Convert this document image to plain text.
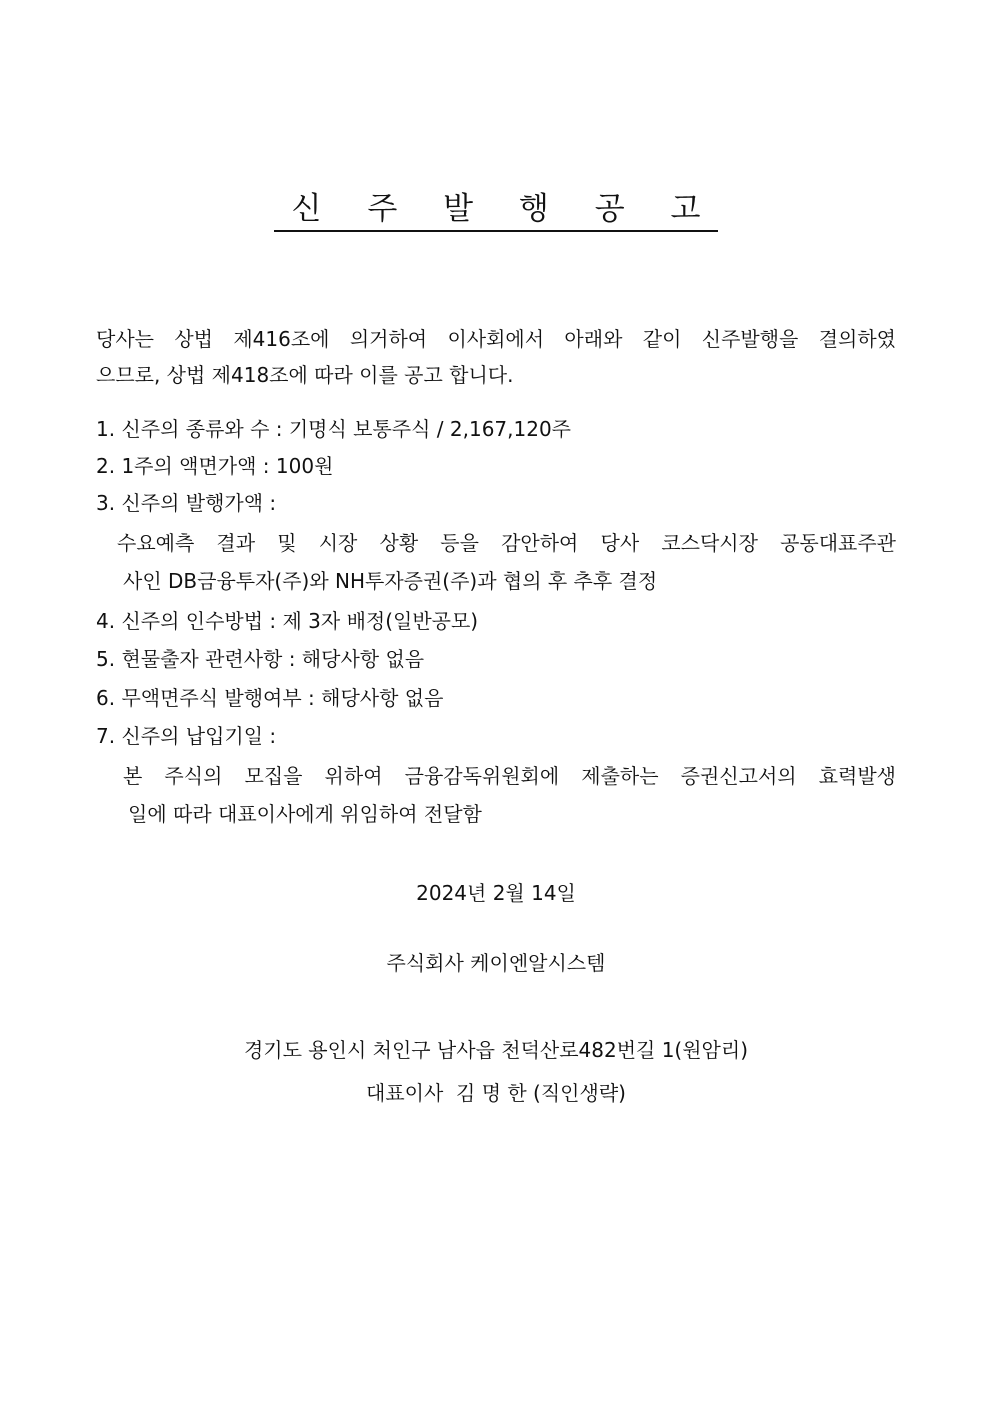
신 주 발 행 공 고
당사는 상법 제416조에 의거하여 이사회에서 아래와 같이 신주발행을 결의하였
으므로, 상법 제418조에 따라 이를 공고 합니다.
1. 신주의 종류와 수 : 기명식 보통주식 / 2,167,120주
2. 1주의 액면가액 : 100원
3. 신주의 발행가액 :
수요예측 결과 및 시장 상황 등을 감안하여 당사 코스닥시장 공동대표주관
사인 DB금융투자(주)와 NH투자증권(주)과 협의 후 추후 결정
4. 신주의 인수방법 : 제 3자 배정(일반공모)
5. 현물출자 관련사항 : 해당사항 없음
6. 무액면주식 발행여부 : 해당사항 없음
7. 신주의 납입기일 :
본 주식의 모집을 위하여 금융감독위원회에 제출하는 증권신고서의 효력발생
일에 따라 대표이사에게 위임하여 전달함
2024년 2월 14일
주식회사 케이엔알시스템
경기도 용인시 처인구 남사읍 천덕산로482번길 1(원암리)
대표이사  김 명 한 (직인생략)
